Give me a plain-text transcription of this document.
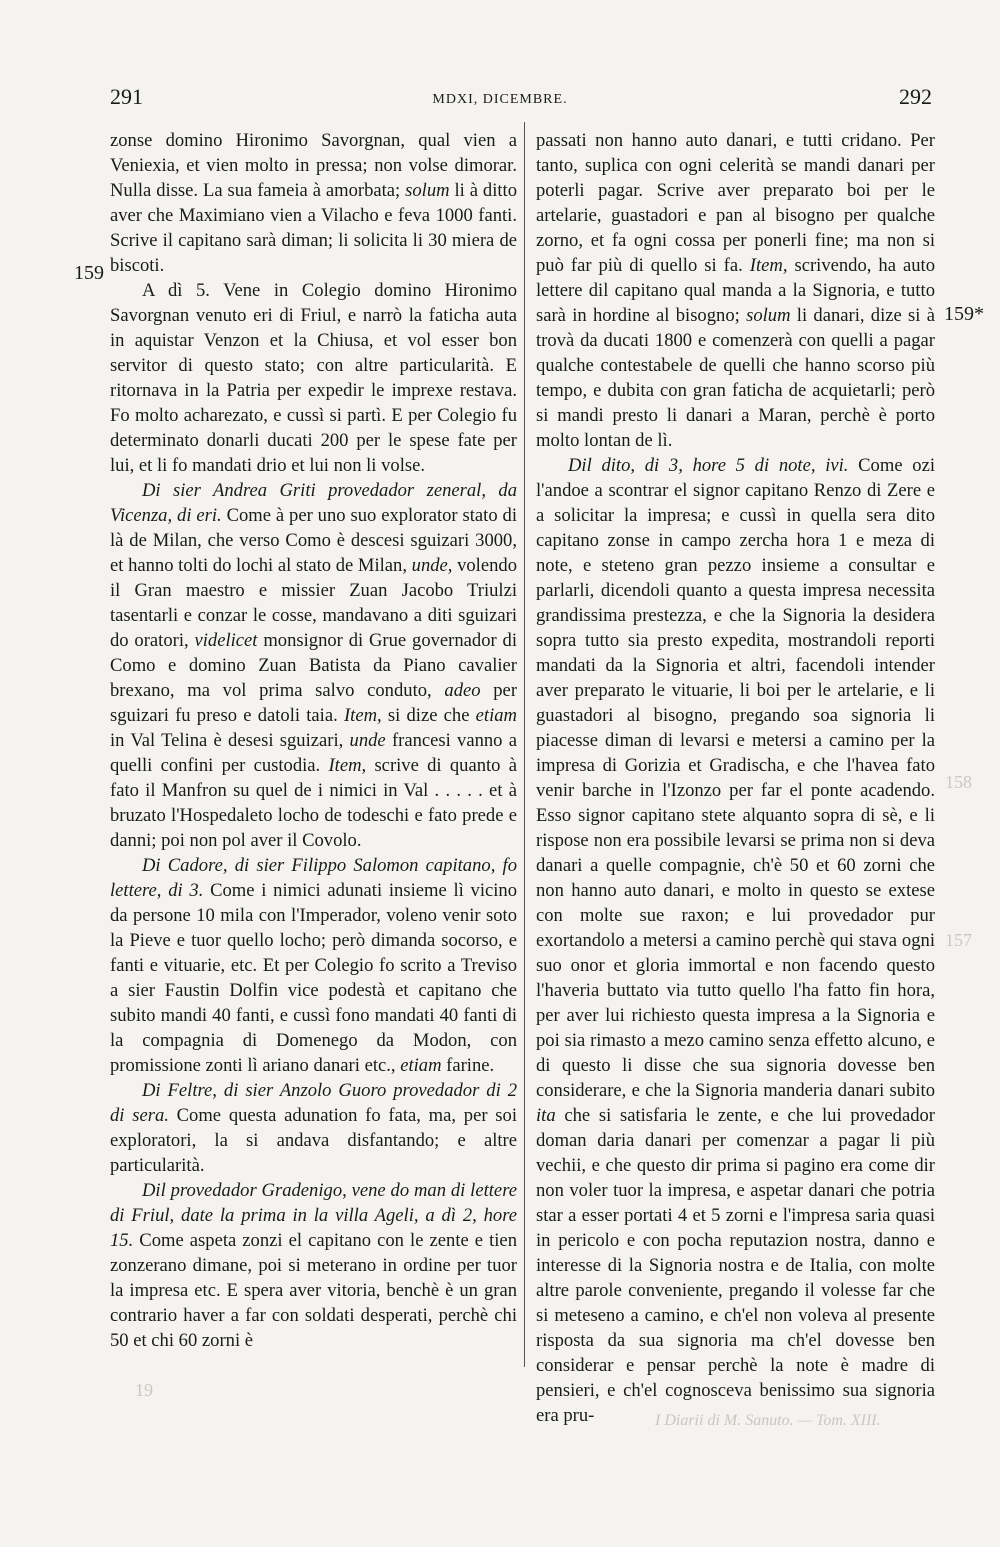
291	MDXI, DICEMBRE.	292
159
159*
158
157
I Diarii di M. Sanuto. — Tom. XIII.
19

zonse domino Hironimo Savorgnan, qual vien a Veniexia, et vien molto in pressa; non volse dimorar. Nulla disse. La sua fameia à amorbata; solum li à ditto aver che Maximiano vien a Vilacho e feva 1000 fanti. Scrive il capitano sarà diman; li solicita li 30 miera de biscoti.

A dì 5. Vene in Colegio domino Hironimo Savorgnan venuto eri di Friul, e narrò la faticha auta in aquistar Venzon et la Chiusa, et vol esser bon servitor di questo stato; con altre particularità. E ritornava in la Patria per expedir le imprexe restava. Fo molto acharezato, e cussì si partì. E per Colegio fu determinato donarli ducati 200 per le spese fate per lui, et li fo mandati drio et lui non li volse.

Di sier Andrea Griti provedador zeneral, da Vicenza, di eri. Come à per uno suo explorator stato di là de Milan, che verso Como è descesi sguizari 3000, et hanno tolti do lochi al stato de Milan, unde, volendo il Gran maestro e missier Zuan Jacobo Triulzi tasentarli e conzar le cosse, mandavano a diti sguizari do oratori, videlicet monsignor di Grue governador di Como e domino Zuan Batista da Piano cavalier brexano, ma vol prima salvo conduto, adeo per sguizari fu preso e datoli taia. Item, si dize che etiam in Val Telina è desesi sguizari, unde francesi vanno a quelli confini per custodia. Item, scrive di quanto à fato il Manfron su quel de i nimici in Val . . . . . et à bruzato l'Hospedaleto locho de todeschi e fato prede e danni; poi non pol aver il Covolo.

Di Cadore, di sier Filippo Salomon capitano, fo lettere, di 3. Come i nimici adunati insieme lì vicino da persone 10 mila con l'Imperador, voleno venir soto la Pieve e tuor quello locho; però dimanda socorso, e fanti e vituarie, etc. Et per Colegio fo scrito a Treviso a sier Faustin Dolfin vice podestà et capitano che subito mandi 40 fanti, e cussì fono mandati 40 fanti di la compagnia di Domenego da Modon, con promissione zonti lì ariano danari etc., etiam farine.

Di Feltre, di sier Anzolo Guoro provedador di 2 di sera. Come questa adunation fo fata, ma, per soi exploratori, la si andava disfantando; e altre particularità.

Dil provedador Gradenigo, vene do man di lettere di Friul, date la prima in la villa Ageli, a dì 2, hore 15. Come aspeta zonzi el capitano con le zente e tien zonzerano dimane, poi si meterano in ordine per tuor la impresa etc. E spera aver vitoria, benchè è un gran contrario haver a far con soldati desperati, perchè chi 50 et chi 60 zorni è

passati non hanno auto danari, e tutti cridano. Per tanto, suplica con ogni celerità se mandi danari per poterli pagar. Scrive aver preparato boi per le artelarie, guastadori e pan al bisogno per qualche zorno, et fa ogni cossa per ponerli fine; ma non si può far più di quello si fa. Item, scrivendo, ha auto lettere dil capitano qual manda a la Signoria, e tutto sarà in hordine al bisogno; solum li danari, dize si à trovà da ducati 1800 e comenzerà con quelli a pagar qualche contestabele de quelli che hanno scorso più tempo, e dubita con gran faticha de acquietarli; però si mandi presto li danari a Maran, perchè è porto molto lontan de lì.

Dil dito, di 3, hore 5 di note, ivi. Come ozi l'andoe a scontrar el signor capitano Renzo di Zere e a solicitar la impresa; e cussì in quella sera dito capitano zonse in campo zercha hora 1 e meza di note, e steteno gran pezzo insieme a consultar e parlarli, dicendoli quanto a questa impresa necessita grandissima prestezza, e che la Signoria la desidera sopra tutto sia presto expedita, mostrandoli reporti mandati da la Signoria et altri, facendoli intender aver preparato le vituarie, li boi per le artelarie, e li guastadori al bisogno, pregando soa signoria li piacesse diman di levarsi e metersi a camino per la impresa di Gorizia et Gradischa, e che l'havea fato venir barche in l'Izonzo per far el ponte acadendo. Esso signor capitano stete alquanto sopra di sè, e li rispose non era possibile levarsi se prima non si deva danari a quelle compagnie, ch'è 50 et 60 zorni che non hanno auto danari, e molto in questo se extese con molte sue raxon; e lui provedador pur exortandolo a metersi a camino perchè qui stava ogni suo onor et gloria immortal e non facendo questo l'haveria buttato via tutto quello l'ha fatto fin hora, per aver lui richiesto questa impresa a la Signoria e poi sia rimasto a mezo camino senza effetto alcuno, e di questo li disse che sua signoria dovesse ben considerare, e che la Signoria manderia danari subito ita che si satisfaria le zente, e che lui provedador doman daria danari per comenzar a pagar li più vechii, e che questo dir prima si pagino era come dir non voler tuor la impresa, e aspetar danari che potria star a esser portati 4 et 5 zorni e l'impresa saria quasi in pericolo e con pocha reputazion nostra, danno e interesse di la Signoria nostra e de Italia, con molte altre parole conveniente, pregando il volesse far che si meteseno a camino, e ch'el non voleva al presente risposta da sua signoria ma ch'el dovesse ben considerar e pensar perchè la note è madre di pensieri, e ch'el cognosceva benissimo sua signoria era pru-
